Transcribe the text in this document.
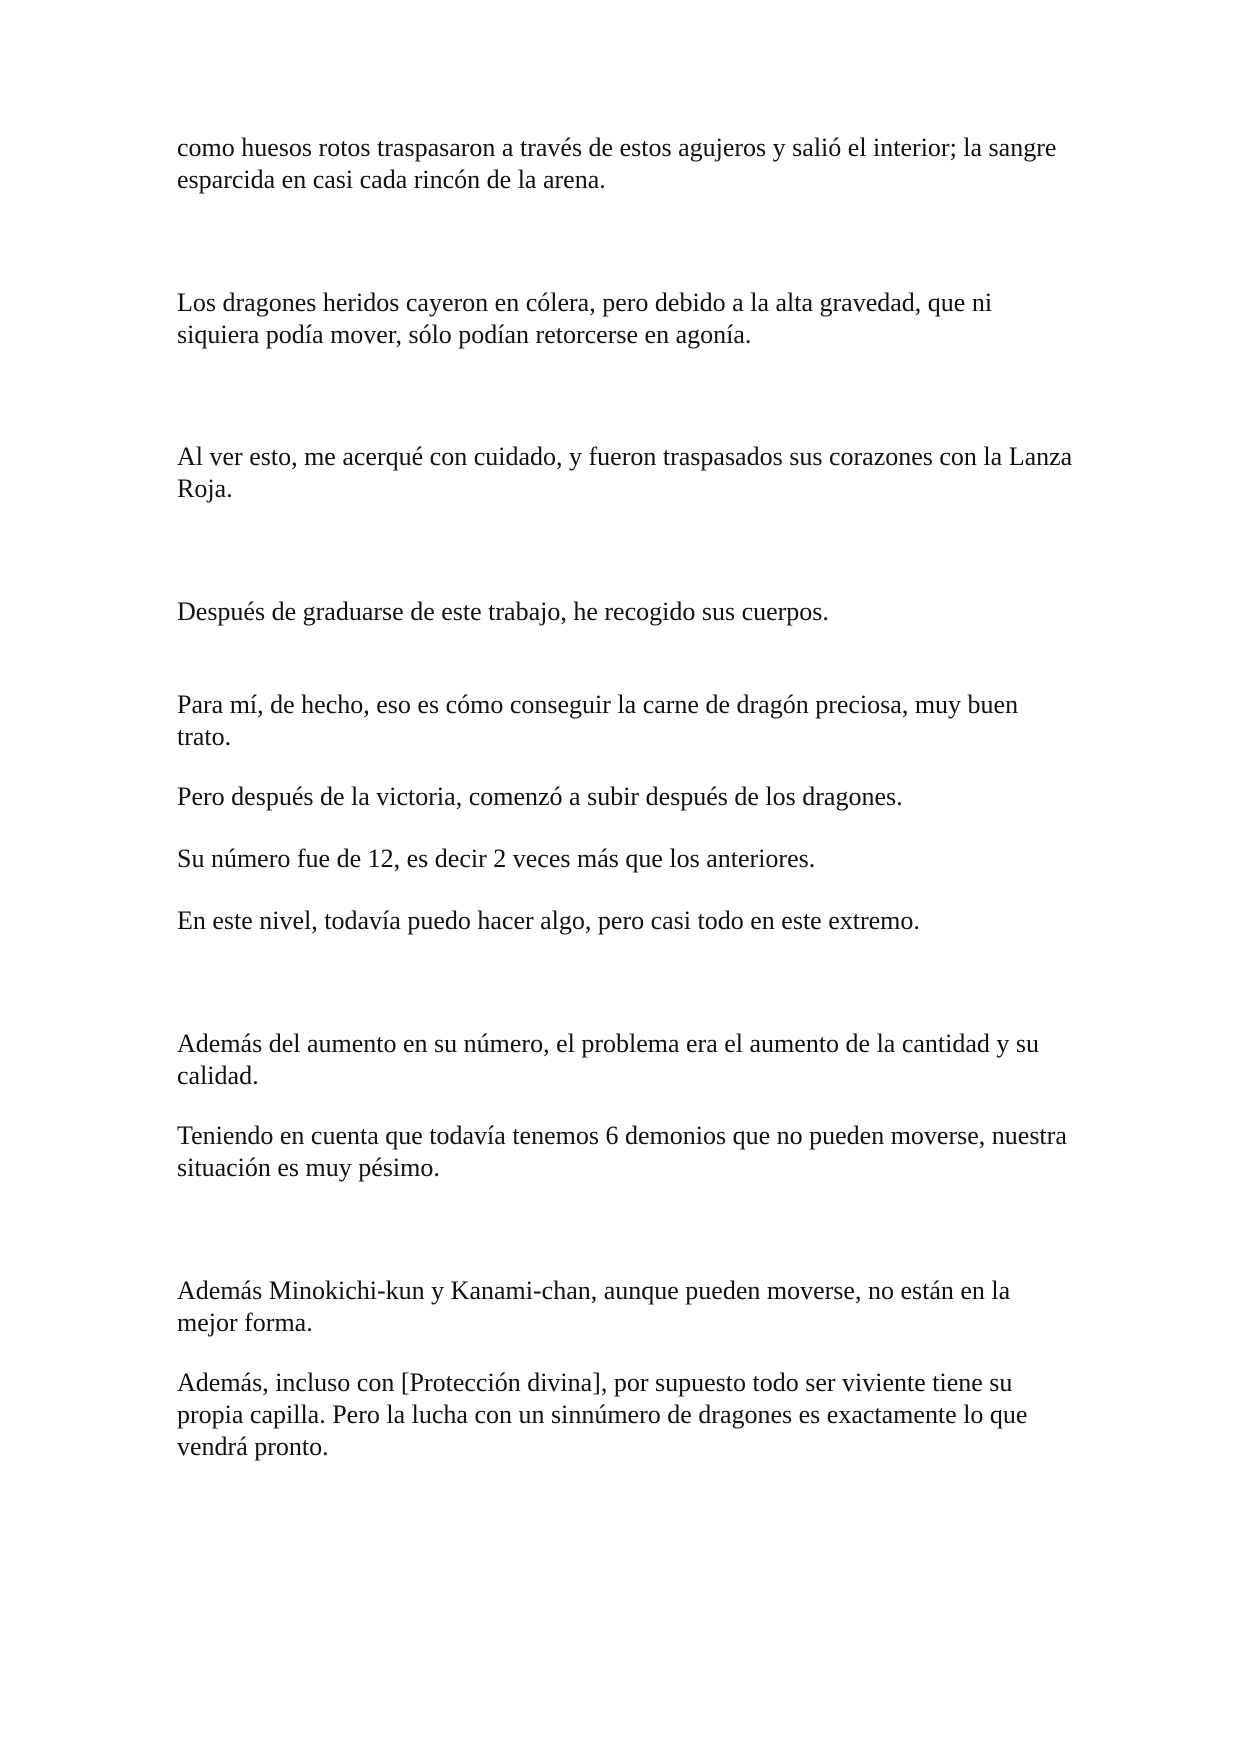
como huesos rotos traspasaron a través de estos agujeros y salió el interior; la sangre esparcida en casi cada rincón de la arena.

Los dragones heridos cayeron en cólera, pero debido a la alta gravedad, que ni siquiera podía mover, sólo podían retorcerse en agonía.

Al ver esto, me acerqué con cuidado, y fueron traspasados sus corazones con la Lanza Roja.

Después de graduarse de este trabajo, he recogido sus cuerpos.

Para mí, de hecho, eso es cómo conseguir la carne de dragón preciosa, muy buen trato.

Pero después de la victoria, comenzó a subir después de los dragones.

Su número fue de 12, es decir 2 veces más que los anteriores.

En este nivel, todavía puedo hacer algo, pero casi todo en este extremo.

Además del aumento en su número, el problema era el aumento de la cantidad y su calidad.

Teniendo en cuenta que todavía tenemos 6 demonios que no pueden moverse, nuestra situación es muy pésimo.

Además Minokichi-kun y Kanami-chan, aunque pueden moverse, no están en la mejor forma.

Además, incluso con [Protección divina], por supuesto todo ser viviente tiene su propia capilla. Pero la lucha con un sinnúmero de dragones es exactamente lo que vendrá pronto.
